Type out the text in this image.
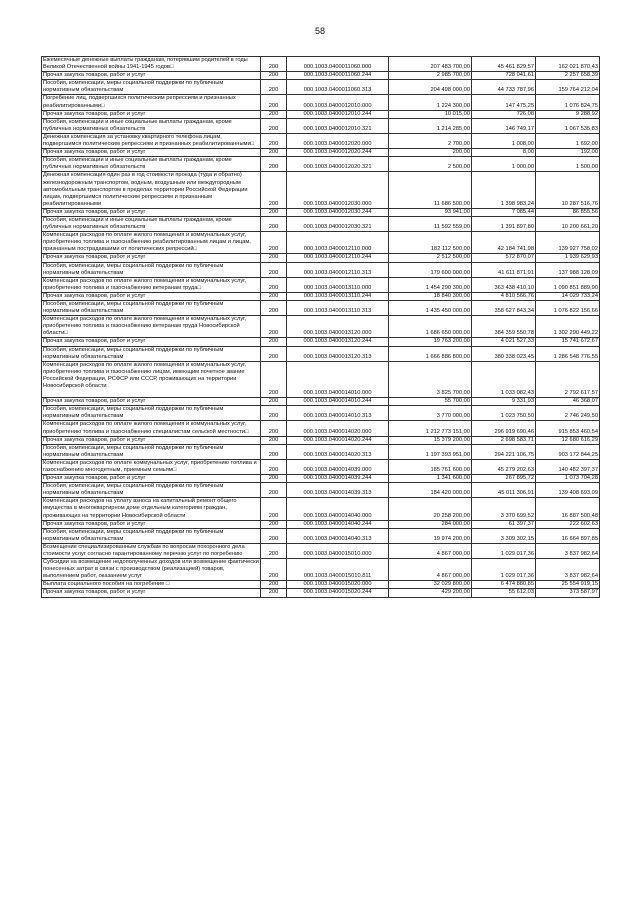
58
Ежемесячные денежные выплаты гражданам, потерявшим родителей в годы Великой Отечественной войны 1941-1945 годов□	200	000.1003.0400011060.000	207 483 700,00	45 461 829,57	162 021 870,43
Прочая закупка товаров, работ и услуг	200	000.1003.0400011060.244	2 985 700,00	728 041,61	2 257 658,39
Пособия, компенсации, меры социальной поддержки по публичным нормативным обязательствам	200	000.1003.0400011060.313	204 498 000,00	44 733 787,96	159 764 212,04
Погребение лиц, подвергшихся политическим репрессиям и признанных реабилитированными□	200	000.1003.0400012010.000	1 224 300,00	147 475,25	1 076 824,75
Прочая закупка товаров, работ и услуг	200	000.1003.0400012010.244	10 015,00	726,08	9 288,92
Пособия, компенсации и иные социальные выплаты гражданам, кроме публичных нормативных обязательств	200	000.1003.0400012010.321	1 214 285,00	146 749,17	1 067 535,83
Денежная компенсация за установку квартирного телефона лицам, подвергшимся политическим репрессиям и признанных реабилитированными□	200	000.1003.0400012020.000	2 700,00	1 008,00	1 692,00
Прочая закупка товаров, работ и услуг	200	000.1003.0400012020.244	200,00	8,00	192,00
Пособия, компенсации и иные социальные выплаты гражданам, кроме публичных нормативных обязательств	200	000.1003.0400012020.321	2 500,00	1 000,00	1 500,00
Денежная компенсация один раз в год стоимости проезда (туда и обратно) железнодорожным транспортом, водным, воздушным или междугородным автомобильным транспортом в пределах территории Российской Федерации лицам, подвергшимся политическим репрессиям и признанным реабилитированными	200	000.1003.0400012030.000	11 686 500,00	1 398 983,24	10 287 516,76
Прочая закупка товаров, работ и услуг	200	000.1003.0400012030.244	93 941,00	7 085,44	86 855,56
Пособия, компенсации и иные социальные выплаты гражданам, кроме публичных нормативных обязательств	200	000.1003.0400012030.321	11 592 559,00	1 391 897,80	10 200 661,20
Компенсация расходов по оплате жилого помещения и коммунальных услуг, приобретению топлива и газоснабжению реабилитированным лицам и лицам, признанным пострадавшими от политических репрессий□	200	000.1003.0400012110.000	182 112 500,00	42 184 741,98	139 927 758,02
Прочая закупка товаров, работ и услуг	200	000.1003.0400012110.244	2 512 500,00	572 870,07	1 939 629,93
Пособия, компенсации, меры социальной поддержки по публичным нормативным обязательствам	200	000.1003.0400012110.313	179 600 000,00	41 611 871,91	137 988 128,09
Компенсация расходов по оплате жилого помещения и коммунальных услуг, приобретению топлива и газоснабжению ветеранам труда□	200	000.1003.0400013110.000	1 454 290 300,00	363 438 410,10	1 090 851 889,90
Прочая закупка товаров, работ и услуг	200	000.1003.0400013110.244	18 840 300,00	4 810 566,76	14 029 733,24
Пособия, компенсации, меры социальной поддержки по публичным нормативным обязательствам	200	000.1003.0400013110.313	1 435 450 000,00	358 627 843,34	1 076 822 156,66
Компенсация расходов по оплате жилого помещения и коммунальных услуг, приобретению топлива и газоснабжению ветеранам труда Новосибирской области□	200	000.1003.0400013120.000	1 686 650 000,00	384 359 550,78	1 302 290 449,22
Прочая закупка товаров, работ и услуг	200	000.1003.0400013120.244	19 763 200,00	4 021 527,33	15 741 672,67
Пособия, компенсации, меры социальной поддержки по публичным нормативным обязательствам	200	000.1003.0400013120.313	1 666 886 800,00	380 338 023,45	1 286 548 776,55
Компенсация расходов по оплате жилого помещения и коммунальных услуг, приобретению топлива и газоснабжению лицам, имеющим почетное звание Российской Федерации, РСФСР или СССР, проживающих на территории Новосибирской области	200	000.1003.0400014010.000	3 825 700,00	1 033 082,43	2 792 617,57
Прочая закупка товаров, работ и услуг	200	000.1003.0400014010.244	55 700,00	9 331,93	46 368,07
Пособия, компенсации, меры социальной поддержки по публичным нормативным обязательствам	200	000.1003.0400014010.313	3 770 000,00	1 023 750,50	2 746 249,50
Компенсация расходов по оплате жилого помещения и коммунальных услуг, приобретению топлива и газоснабжению специалистам сельской местности□	200	000.1003.0400014020.000	1 212 773 151,00	296 919 690,46	915 853 460,54
Прочая закупка товаров, работ и услуг	200	000.1003.0400014020.244	15 379 200,00	2 698 583,71	12 680 616,29
Пособия, компенсации, меры социальной поддержки по публичным нормативным обязательствам	200	000.1003.0400014020.313	1 197 393 951,00	294 221 106,75	903 172 844,25
Компенсация расходов по оплате коммунальных услуг, приобретению топлива и газоснабжению многодетным, приемным семьям□	200	000.1003.0400014039.000	185 761 600,00	45 279 202,63	140 482 397,37
Прочая закупка товаров, работ и услуг	200	000.1003.0400014039.244	1 341 600,00	267 895,72	1 073 704,28
Пособия, компенсации, меры социальной поддержки по публичным нормативным обязательствам	200	000.1003.0400014039.313	184 420 000,00	45 011 306,91	139 408 693,09
Компенсация расходов на уплату взноса на капитальный ремонт общего имущества в многоквартирном доме отдельным категориям граждан, проживающих на территории Новосибирской области	200	000.1003.0400014040.000	20 258 200,00	3 370 699,52	16 887 500,48
Прочая закупка товаров, работ и услуг	200	000.1003.0400014040.244	284 000,00	61 397,37	222 602,63
Пособия, компенсации, меры социальной поддержки по публичным нормативным обязательствам	200	000.1003.0400014040.313	19 974 200,00	3 309 302,15	16 664 897,85
Возмещение специализированным службам по вопросам похоронного дела стоимости услуг согласно гарантированному перечню услуг по погребению	200	000.1003.0400015010.000	4 867 000,00	1 029 017,36	3 837 982,64
Субсидии на возмещение недополученных доходов или возмещение фактически понесенных затрат в связи с производством (реализацией) товаров, выполнением работ, оказанием услуг	200	000.1003.0400015010.811	4 867 000,00	1 029 017,36	3 837 982,64
Выплата социального пособия на погребение □	200	000.1003.0400015020.000	32 029 800,00	6 474 880,85	25 554 919,15
Прочая закупка товаров, работ и услуг	200	000.1003.0400015020.244	429 200,00	55 612,03	373 587,97
